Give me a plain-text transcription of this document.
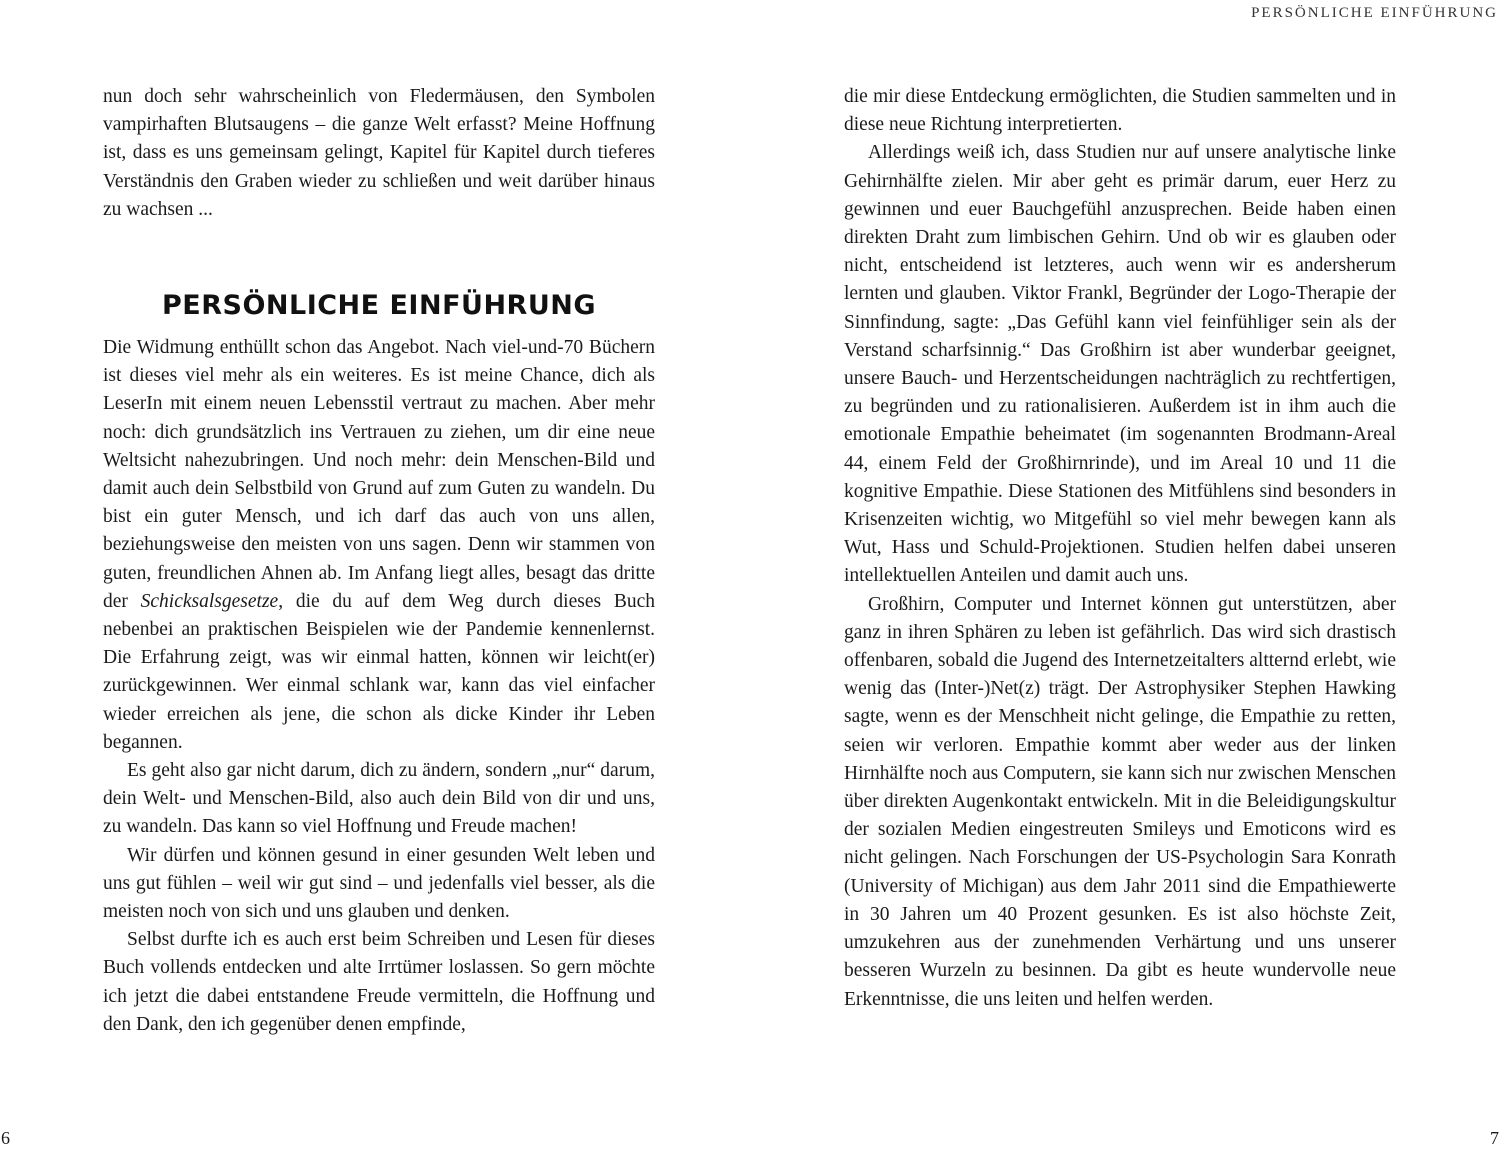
PERSÖNLICHE EINFÜHRUNG

nun doch sehr wahrscheinlich von Fledermäusen, den Symbolen vampirhaften Blutsaugens – die ganze Welt erfasst? Meine Hoffnung ist, dass es uns gemeinsam gelingt, Kapitel für Kapitel durch tieferes Verständnis den Graben wieder zu schließen und weit darüber hinaus zu wachsen ...

PERSÖNLICHE EINFÜHRUNG

Die Widmung enthüllt schon das Angebot. Nach viel-und-70 Büchern ist dieses viel mehr als ein weiteres. Es ist meine Chance, dich als LeserIn mit einem neuen Lebensstil vertraut zu machen. Aber mehr noch: dich grundsätzlich ins Vertrauen zu ziehen, um dir eine neue Weltsicht nahezubringen. Und noch mehr: dein Menschen-Bild und damit auch dein Selbstbild von Grund auf zum Guten zu wandeln. Du bist ein guter Mensch, und ich darf das auch von uns allen, beziehungsweise den meisten von uns sagen. Denn wir stammen von guten, freundlichen Ahnen ab. Im Anfang liegt alles, besagt das dritte der Schicksalsgesetze, die du auf dem Weg durch dieses Buch nebenbei an praktischen Beispielen wie der Pandemie kennenlernst. Die Erfahrung zeigt, was wir einmal hatten, können wir leicht(er) zurückgewinnen. Wer einmal schlank war, kann das viel einfacher wieder erreichen als jene, die schon als dicke Kinder ihr Leben begannen.

Es geht also gar nicht darum, dich zu ändern, sondern „nur“ darum, dein Welt- und Menschen-Bild, also auch dein Bild von dir und uns, zu wandeln. Das kann so viel Hoffnung und Freude machen!

Wir dürfen und können gesund in einer gesunden Welt leben und uns gut fühlen – weil wir gut sind – und jedenfalls viel besser, als die meisten noch von sich und uns glauben und denken.

Selbst durfte ich es auch erst beim Schreiben und Lesen für dieses Buch vollends entdecken und alte Irrtümer loslassen. So gern möchte ich jetzt die dabei entstandene Freude vermitteln, die Hoffnung und den Dank, den ich gegenüber denen empfinde,

die mir diese Entdeckung ermöglichten, die Studien sammelten und in diese neue Richtung interpretierten.

Allerdings weiß ich, dass Studien nur auf unsere analytische linke Gehirnhälfte zielen. Mir aber geht es primär darum, euer Herz zu gewinnen und euer Bauchgefühl anzusprechen. Beide haben einen direkten Draht zum limbischen Gehirn. Und ob wir es glauben oder nicht, entscheidend ist letzteres, auch wenn wir es andersherum lernten und glauben. Viktor Frankl, Begründer der Logo-Therapie der Sinnfindung, sagte: „Das Gefühl kann viel feinfühliger sein als der Verstand scharfsinnig.“ Das Großhirn ist aber wunderbar geeignet, unsere Bauch- und Herzentscheidungen nachträglich zu rechtfertigen, zu begründen und zu rationalisieren. Außerdem ist in ihm auch die emotionale Empathie beheimatet (im sogenannten Brodmann-Areal 44, einem Feld der Großhirnrinde), und im Areal 10 und 11 die kognitive Empathie. Diese Stationen des Mitfühlens sind besonders in Krisenzeiten wichtig, wo Mitgefühl so viel mehr bewegen kann als Wut, Hass und Schuld-Projektionen. Studien helfen dabei unseren intellektuellen Anteilen und damit auch uns.

Großhirn, Computer und Internet können gut unterstützen, aber ganz in ihren Sphären zu leben ist gefährlich. Das wird sich drastisch offenbaren, sobald die Jugend des Internetzeitalters altternd erlebt, wie wenig das (Inter-)Net(z) trägt. Der Astrophysiker Stephen Hawking sagte, wenn es der Menschheit nicht gelinge, die Empathie zu retten, seien wir verloren. Empathie kommt aber weder aus der linken Hirnhälfte noch aus Computern, sie kann sich nur zwischen Menschen über direkten Augenkontakt entwickeln. Mit in die Beleidigungskultur der sozialen Medien eingestreuten Smileys und Emoticons wird es nicht gelingen. Nach Forschungen der US-Psychologin Sara Konrath (University of Michigan) aus dem Jahr 2011 sind die Empathiewerte in 30 Jahren um 40 Prozent gesunken. Es ist also höchste Zeit, umzukehren aus der zunehmenden Verhärtung und uns unserer besseren Wurzeln zu besinnen. Da gibt es heute wundervolle neue Erkenntnisse, die uns leiten und helfen werden.

6	7
